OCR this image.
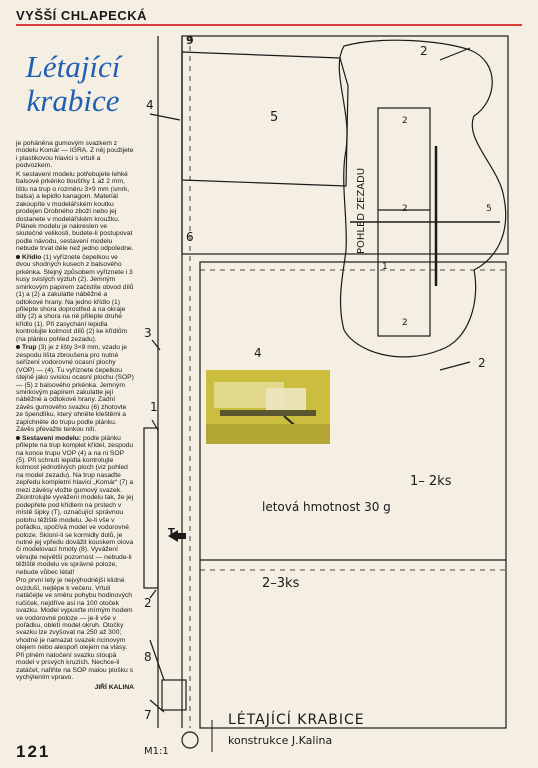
VYŠŠÍ CHLAPECKÁ
Létající
krabice

je poháněna gumovým svazkem z modelu Komár — IGRA. Z něj použijete i plastikovou hlavici s vrtulí a podvozkem.

K sestavení modelu potřebujete lehké balsové prkénko tloušťky 1 až 2 mm, lištu na trup o rozměru 3×9 mm (smrk, balsa) a lepidlo kanagom. Materiál zakoupíte v modelářském koutku prodejen Drobného zboží nebo jej dostanete v modelářském kroužku. Plánek modelu je nakreslen ve skutečné velikosti, budete-li postupovat podle návodu, sestavení modelu nebude trvat déle než jedno odpoledne.

Křídlo (1) vyříznete čepelkou ve dvou shodných kusech z balsového prkénka. Stejný způsobem vyříznete i 3 kusy svislých výztuh (2). Jemným smirkovým papírem začistíte obvod dílů (1) a (2) a zakulatte náběžné a odtokové hrany. Na jedno křídlo (1) přilepte shora doprostřed a na okraje díly (2) a shora na ně přilepte druhé křídlo (1). Při zasychání lepidla kontrolujte kolmost dílů (2) ke křídlům (na plánku pohled zezadu).

Trup (3) je z lišty 3×9 mm, vzadu je zespodu lišta zbroušena pro nutné seřízení vodorovné ocasní plochy (VOP) — (4). Tu vyříznete čepelkou stejně jako svislou ocasní plochu (SOP) — (5) z balsového prkénka. Jemným smirkovým papírem zakulatte její náběžné a odtokové hrany. Zadní závěs gumového svazku (6) zhotovte ze špendlíku, který ohněte kleštěmi a zapíchněte do trupu podle plánku. Závěs převažte tenkou nití.

Sestavení modelu: podle plánku přilepte na trup komplet křídel, zespodu na konce trupu VOP (4) a na ni SOP (5). Při schnutí lepidla kontrolujte kolmost jednotlivých ploch (viz pohled na model zezadu). Na trup nasaďte zepředu kompletní hlavici „Komár“ (7) a mezi závěsy vložte gumový svazek. Zkontrolujte vyvážení modelu tak, že jej podepřete pod křídlem na prstech v místě šipky (T), označující správnou polohu těžiště modelu. Je-li vše v pořádku, spočívá model ve vodorovné poloze. Skloní-li se kormidly dolů, je nutné jej vpředu dovážit kouskem olova či modelovací hmoty (8). Vyvážení věnujte největší pozornost — nebude-li těžiště modelu ve správné poloze, nebude vůbec létat!

Pro první lety je nejvýhodnější klidné ovzduší, nejlépe k večeru. Vrtulí natáčejte ve směru pohybu hodinových ručiček, nejdříve asi na 100 otoček svazku. Model vypusťte mírným hodem ve vodorovné poloze — je-li vše v pořádku, obletí model okruh. Otočky svazku lze zvyšovat na 250 až 300; vhodné je namazat svazek ricinovým olejem nebo alespoň olejem na vlasy. Při plném natočení svazku stoupá model v prsvých kruzích. Nechce-li zatáčet, nafiňte na SOP malou plošku s vychýlením vpravo.

JIŘÍ KALINA
121
9
2
4
5
6
3
4
2
1
2
8
7
2
2
2
1
5
POHLED ZEZADU
letová hmotnost 30 g
1– 2ks
2–3ks
T
LÉTAJÍCÍ KRABICE
konstrukce J.Kalina
M1:1
